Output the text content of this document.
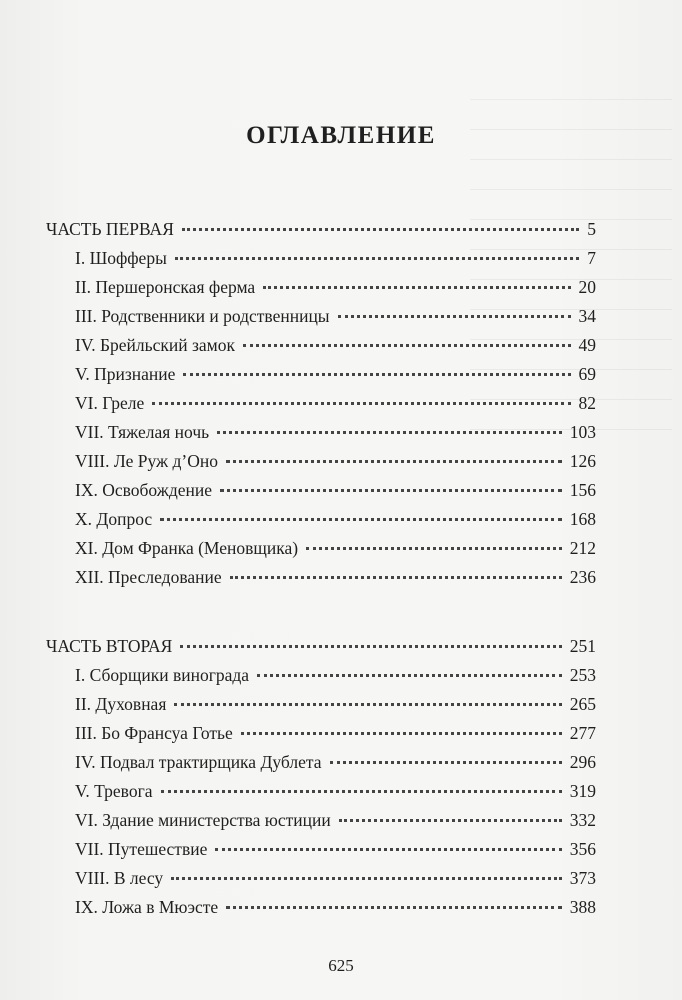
ОГЛАВЛЕНИЕ
ЧАСТЬ ПЕРВАЯ	5
I. Шофферы	7
II. Першеронская ферма	20
III. Родственники и родственницы	34
IV. Брейльский замок	49
V. Признание	69
VI. Греле	82
VII. Тяжелая ночь	103
VIII. Ле Руж д’Оно	126
IX. Освобождение	156
X. Допрос	168
XI. Дом Франка (Меновщика)	212
XII. Преследование	236
ЧАСТЬ ВТОРАЯ	251
I. Сборщики винограда	253
II. Духовная	265
III. Бо Франсуа Готье	277
IV. Подвал трактирщика Дублета	296
V. Тревога	319
VI. Здание министерства юстиции	332
VII. Путешествие	356
VIII. В лесу	373
IX. Ложа в Мюэсте	388
625
